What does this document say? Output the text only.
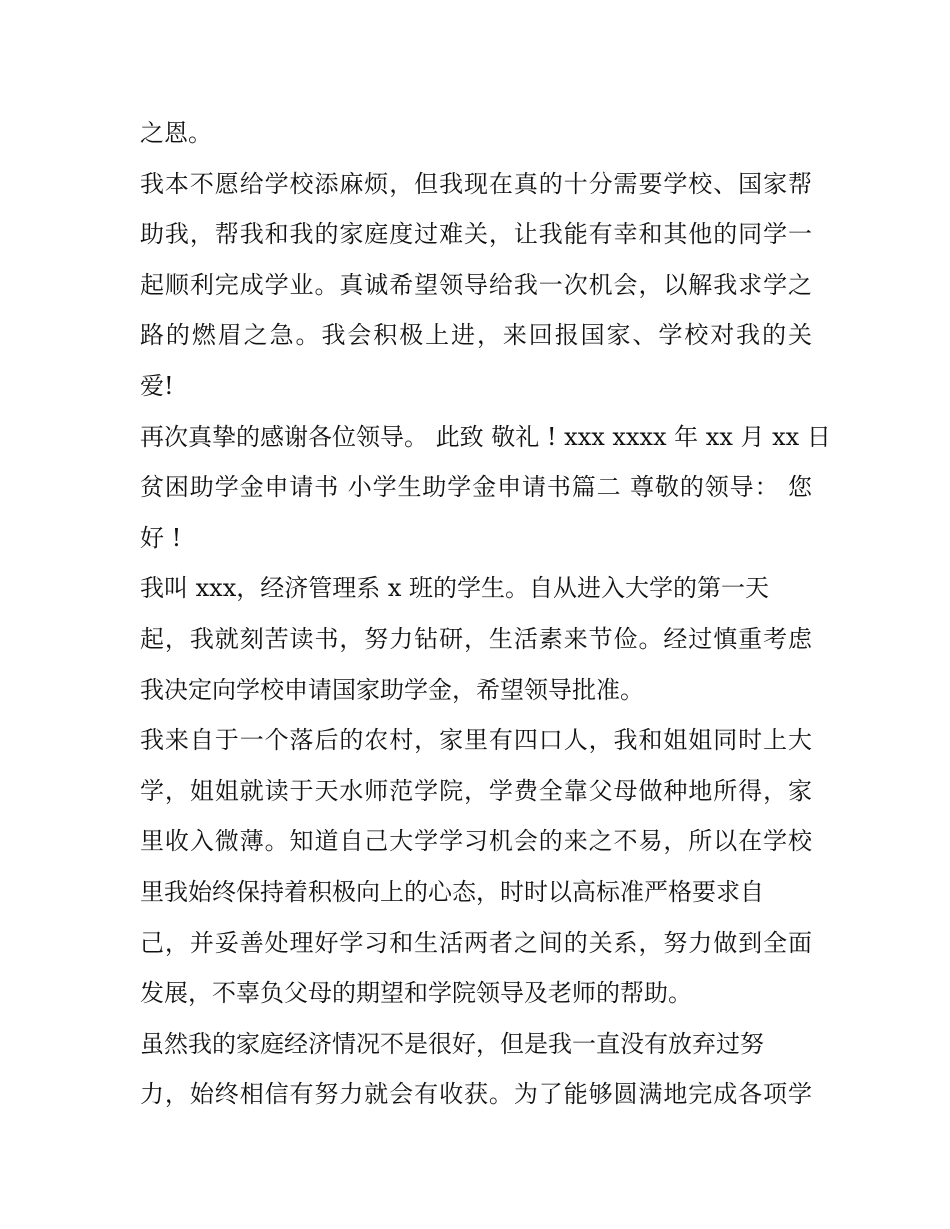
之恩。
我本不愿给学校添麻烦，但我现在真的十分需要学校、国家帮
助我，帮我和我的家庭度过难关，让我能有幸和其他的同学一
起顺利完成学业。真诚希望领导给我一次机会，以解我求学之
路的燃眉之急。我会积极上进，来回报国家、学校对我的关
爱!
再次真挚的感谢各位领导。 此致 敬礼 ! xxx xxxx 年 xx 月 xx 日
贫困助学金申请书 小学生助学金申请书篇二 尊敬的领导： 您
好 !
我叫 xxx，经济管理系 x 班的学生。自从进入大学的第一天
起，我就刻苦读书，努力钻研，生活素来节俭。经过慎重考虑
我决定向学校申请国家助学金，希望领导批准。
我来自于一个落后的农村，家里有四口人，我和姐姐同时上大
学，姐姐就读于天水师范学院，学费全靠父母做种地所得，家
里收入微薄。知道自己大学学习机会的来之不易，所以在学校
里我始终保持着积极向上的心态，时时以高标准严格要求自
己，并妥善处理好学习和生活两者之间的关系，努力做到全面
发展，不辜负父母的期望和学院领导及老师的帮助。
虽然我的家庭经济情况不是很好，但是我一直没有放弃过努
力，始终相信有努力就会有收获。为了能够圆满地完成各项学
